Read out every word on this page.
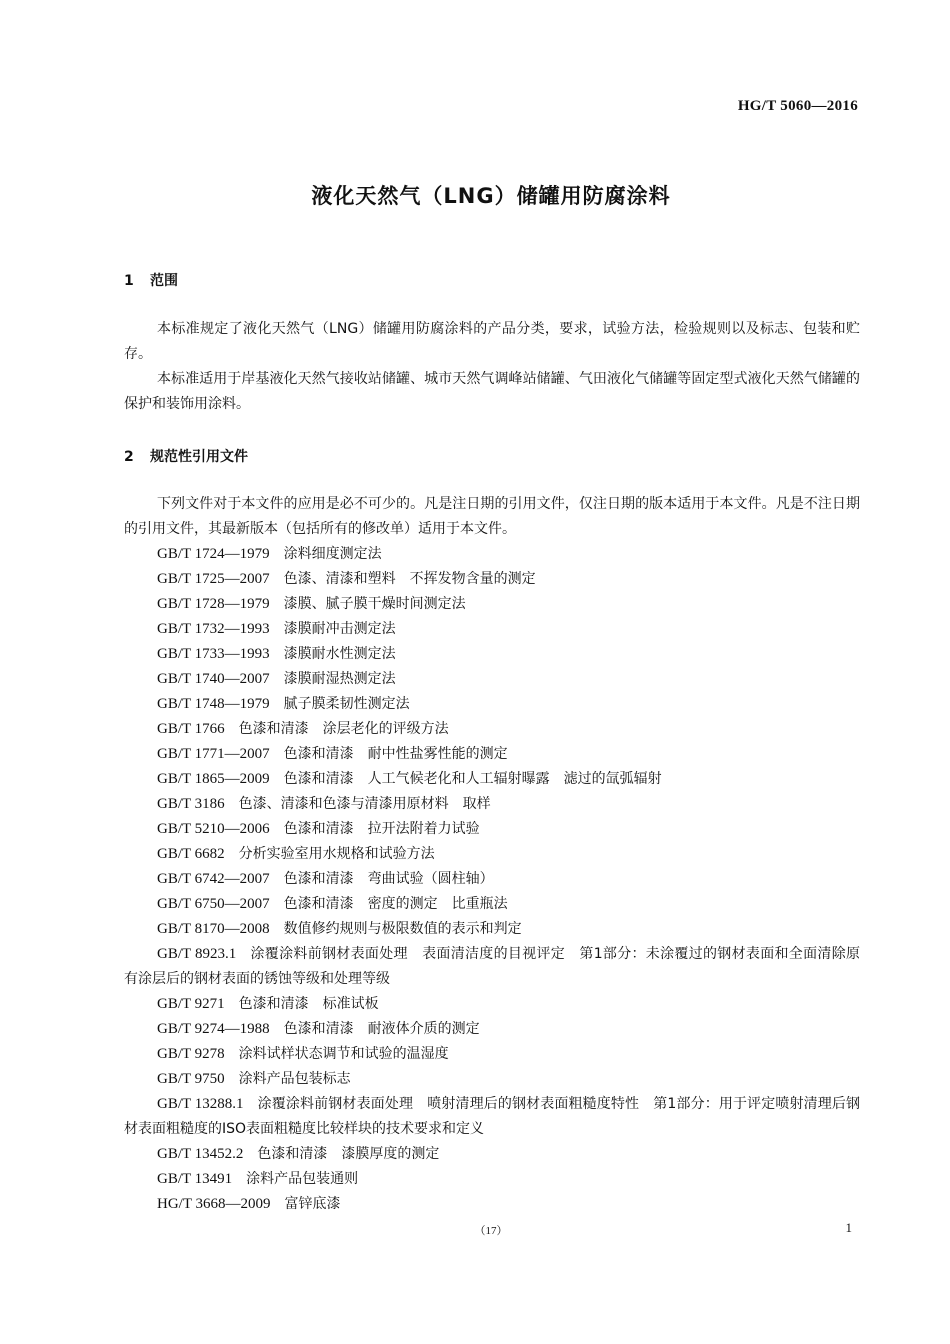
HG/T 5060—2016
液化天然气（LNG）储罐用防腐涂料
1 范围
本标准规定了液化天然气（LNG）储罐用防腐涂料的产品分类，要求，试验方法，检验规则以及标志、包装和贮存。
本标准适用于岸基液化天然气接收站储罐、城市天然气调峰站储罐、气田液化气储罐等固定型式液化天然气储罐的保护和装饰用涂料。
2 规范性引用文件
下列文件对于本文件的应用是必不可少的。凡是注日期的引用文件，仅注日期的版本适用于本文件。凡是不注日期的引用文件，其最新版本（包括所有的修改单）适用于本文件。
GB/T 1724—1979 涂料细度测定法
GB/T 1725—2007 色漆、清漆和塑料　不挥发物含量的测定
GB/T 1728—1979 漆膜、腻子膜干燥时间测定法
GB/T 1732—1993 漆膜耐冲击测定法
GB/T 1733—1993 漆膜耐水性测定法
GB/T 1740—2007 漆膜耐湿热测定法
GB/T 1748—1979 腻子膜柔韧性测定法
GB/T 1766 色漆和清漆　涂层老化的评级方法
GB/T 1771—2007 色漆和清漆　耐中性盐雾性能的测定
GB/T 1865—2009 色漆和清漆　人工气候老化和人工辐射曝露　滤过的氙弧辐射
GB/T 3186 色漆、清漆和色漆与清漆用原材料　取样
GB/T 5210—2006 色漆和清漆　拉开法附着力试验
GB/T 6682 分析实验室用水规格和试验方法
GB/T 6742—2007 色漆和清漆　弯曲试验（圆柱轴）
GB/T 6750—2007 色漆和清漆　密度的测定　比重瓶法
GB/T 8170—2008 数值修约规则与极限数值的表示和判定
GB/T 8923.1 涂覆涂料前钢材表面处理　表面清洁度的目视评定　第1部分：未涂覆过的钢材表面和全面清除原有涂层后的钢材表面的锈蚀等级和处理等级
GB/T 9271 色漆和清漆　标准试板
GB/T 9274—1988 色漆和清漆　耐液体介质的测定
GB/T 9278 涂料试样状态调节和试验的温湿度
GB/T 9750 涂料产品包装标志
GB/T 13288.1 涂覆涂料前钢材表面处理　喷射清理后的钢材表面粗糙度特性　第1部分：用于评定喷射清理后钢材表面粗糙度的ISO表面粗糙度比较样块的技术要求和定义
GB/T 13452.2 色漆和清漆　漆膜厚度的测定
GB/T 13491 涂料产品包装通则
HG/T 3668—2009 富锌底漆
（17）	1
